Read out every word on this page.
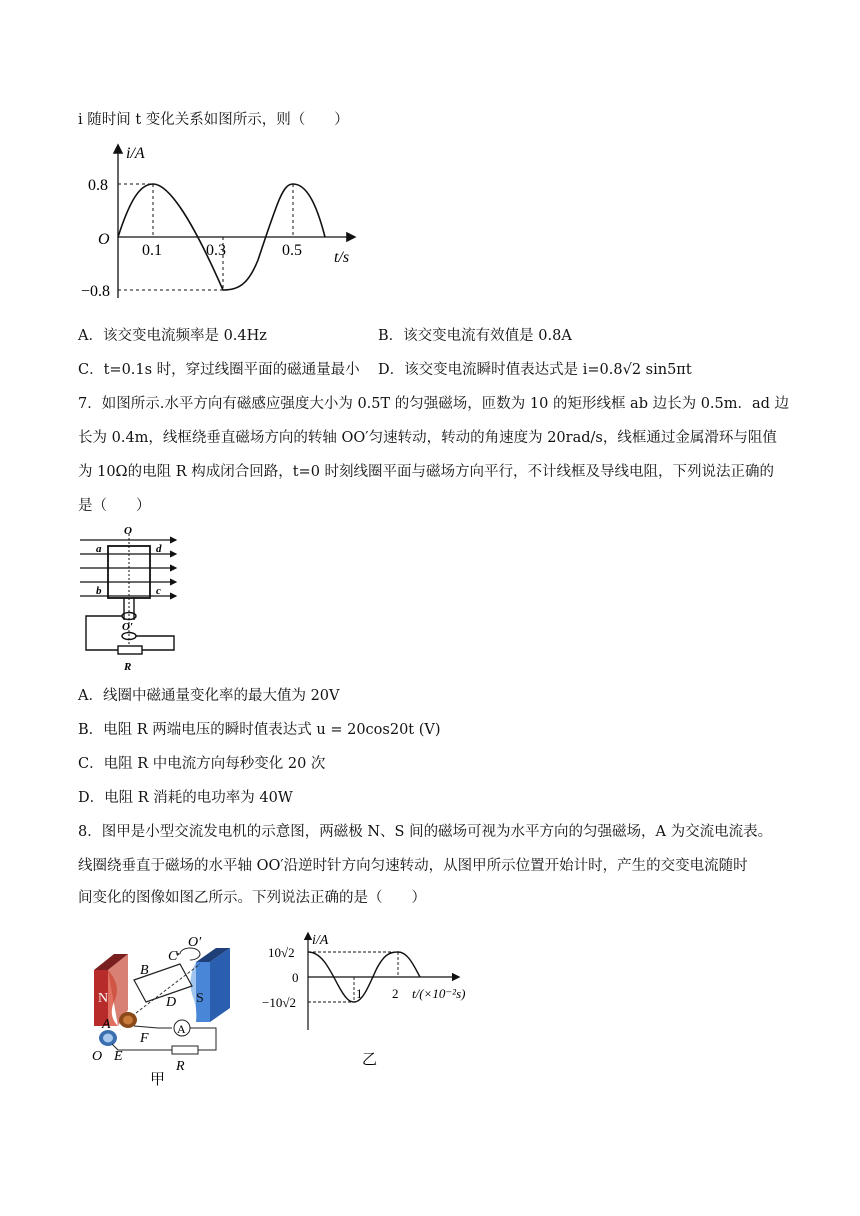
i 随时间 t 变化关系如图所示，则（　　）
i/A
O
0.8
−0.8
0.1	0.3	0.5 t/s
A．该交变电流频率是 0.4Hz	B．该交变电流有效值是 0.8A
C．t=0.1s 时，穿过线圈平面的磁通量最小 D．该交变电流瞬时值表达式是 i=0.8√2 sin5πt
7．如图所示.水平方向有磁感应强度大小为 0.5T 的匀强磁场，匝数为 10 的矩形线框 ab 边长为 0.5m．ad 边
长为 0.4m，线框绕垂直磁场方向的转轴 OO′匀速转动，转动的角速度为 20rad/s，线框通过金属滑环与阻值
为 10Ω的电阻 R 构成闭合回路，t=0 时刻线圈平面与磁场方向平行，不计线框及导线电阻，下列说法正确的
是（　　）
O
a	d
b	c
O′
R
A．线圈中磁通量变化率的最大值为 20V
B．电阻 R 两端电压的瞬时值表达式 u = 20cos20t (V)
C．电阻 R 中电流方向每秒变化 20 次
D．电阻 R 消耗的电功率为 40W
8．图甲是小型交流发电机的示意图，两磁极 N、S 间的磁场可视为水平方向的匀强磁场，A 为交流电流表。
线圈绕垂直于磁场的水平轴 OO′沿逆时针方向匀速转动，从图甲所示位置开始计时，产生的交变电流随时
间变化的图像如图乙所示。下列说法正确的是（　　）
N	S
B
C
O′
D
A
F
A
O E
R
甲
i/A
10√2
0
−10√2
1 2 t/(×10⁻²s)
乙
